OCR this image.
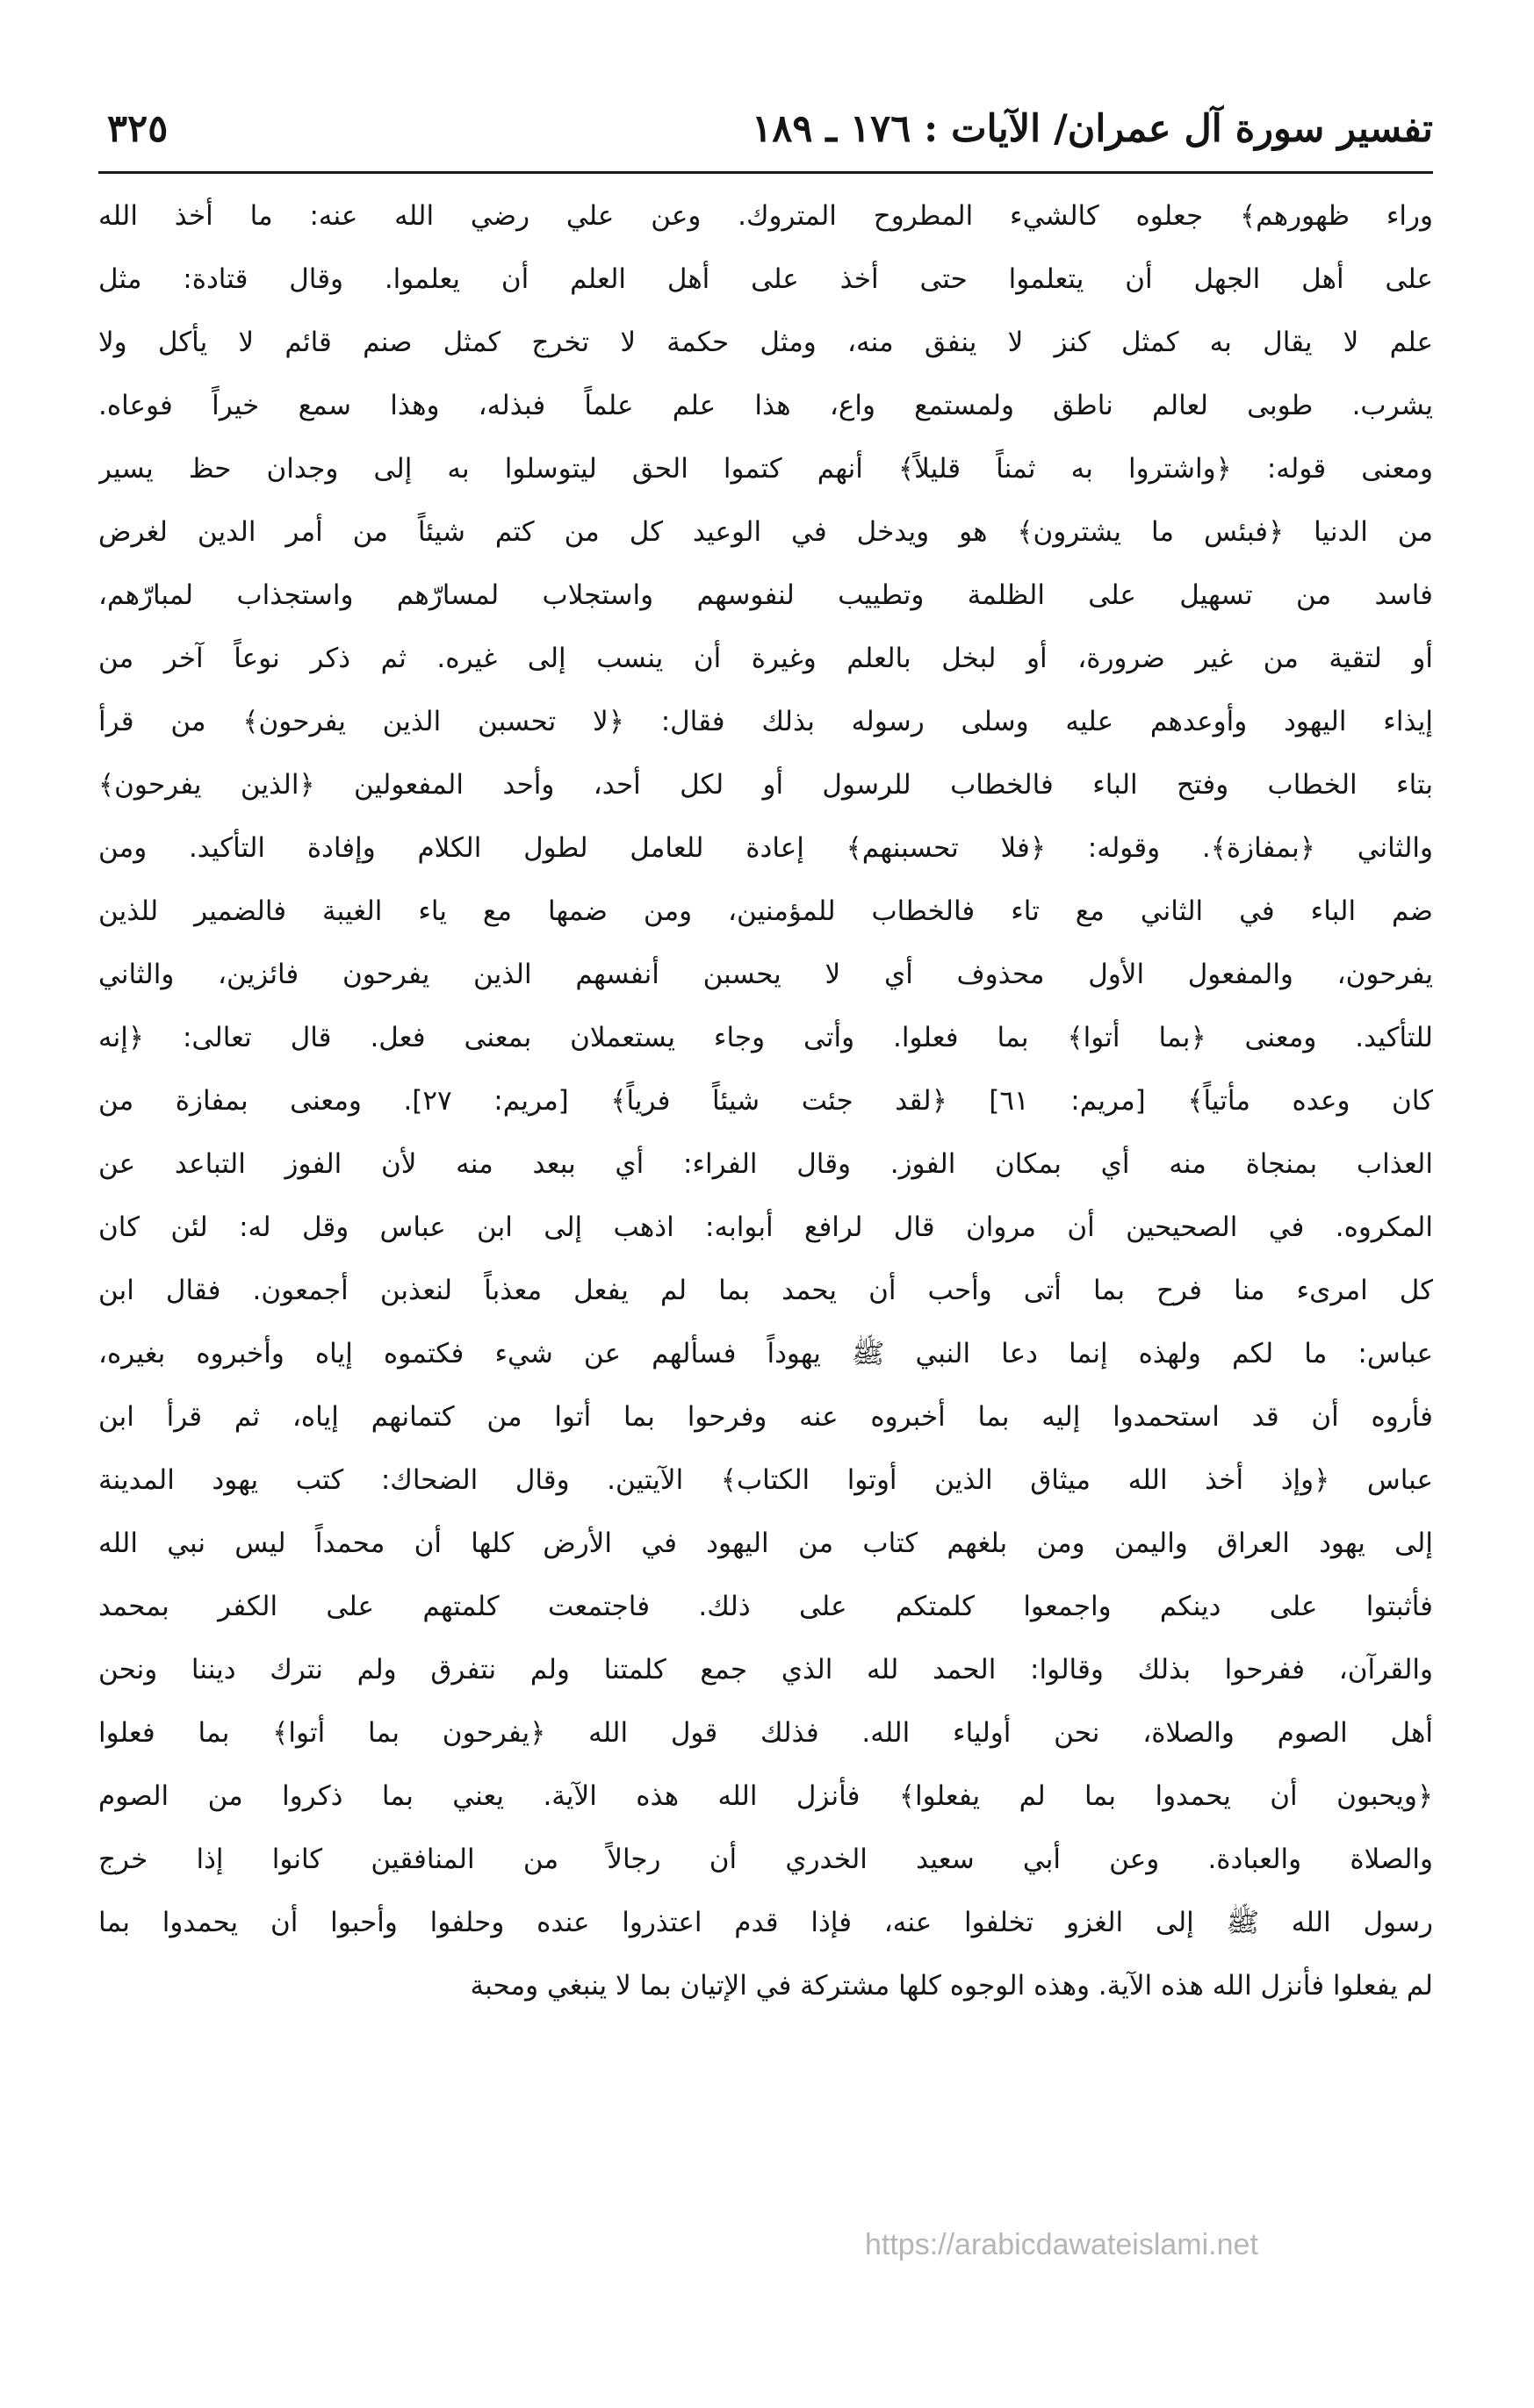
تفسير سورة آل عمران/ الآيات : ١٧٦ ـ ١٨٩
٣٢٥
وراء ظهورهم﴾ جعلوه كالشيء المطروح المتروك. وعن علي رضي الله عنه: ما أخذ الله
على أهل الجهل أن يتعلموا حتى أخذ على أهل العلم أن يعلموا. وقال قتادة: مثل
علم لا يقال به كمثل كنز لا ينفق منه، ومثل حكمة لا تخرج كمثل صنم قائم لا يأكل ولا
يشرب. طوبى لعالم ناطق ولمستمع واع، هذا علم علماً فبذله، وهذا سمع خيراً فوعاه.
ومعنى قوله: ﴿واشتروا به ثمناً قليلاً﴾ أنهم كتموا الحق ليتوسلوا به إلى وجدان حظ يسير
من الدنيا ﴿فبئس ما يشترون﴾ هو ويدخل في الوعيد كل من كتم شيئاً من أمر الدين لغرض
فاسد من تسهيل على الظلمة وتطييب لنفوسهم واستجلاب لمسارّهم واستجذاب لمبارّهم،
أو لتقية من غير ضرورة، أو لبخل بالعلم وغيرة أن ينسب إلى غيره. ثم ذكر نوعاً آخر من
إيذاء اليهود وأوعدهم عليه وسلى رسوله بذلك فقال: ﴿لا تحسبن الذين يفرحون﴾ من قرأ
بتاء الخطاب وفتح الباء فالخطاب للرسول أو لكل أحد، وأحد المفعولين ﴿الذين يفرحون﴾
والثاني ﴿بمفازة﴾. وقوله: ﴿فلا تحسبنهم﴾ إعادة للعامل لطول الكلام وإفادة التأكيد. ومن
ضم الباء في الثاني مع تاء فالخطاب للمؤمنين، ومن ضمها مع ياء الغيبة فالضمير للذين
يفرحون، والمفعول الأول محذوف أي لا يحسبن أنفسهم الذين يفرحون فائزين، والثاني
للتأكيد. ومعنى ﴿بما أتوا﴾ بما فعلوا. وأتى وجاء يستعملان بمعنى فعل. قال تعالى: ﴿إنه
كان وعده مأتياً﴾ [مريم: ٦١] ﴿لقد جئت شيئاً فرياً﴾ [مريم: ٢٧]. ومعنى بمفازة من
العذاب بمنجاة منه أي بمكان الفوز. وقال الفراء: أي ببعد منه لأن الفوز التباعد عن
المكروه. في الصحيحين أن مروان قال لرافع أبوابه: اذهب إلى ابن عباس وقل له: لئن كان
كل امرىء منا فرح بما أتى وأحب أن يحمد بما لم يفعل معذباً لنعذبن أجمعون. فقال ابن
عباس: ما لكم ولهذه إنما دعا النبي ﷺ يهوداً فسألهم عن شيء فكتموه إياه وأخبروه بغيره،
فأروه أن قد استحمدوا إليه بما أخبروه عنه وفرحوا بما أتوا من كتمانهم إياه، ثم قرأ ابن
عباس ﴿وإذ أخذ الله ميثاق الذين أوتوا الكتاب﴾ الآيتين. وقال الضحاك: كتب يهود المدينة
إلى يهود العراق واليمن ومن بلغهم كتاب من اليهود في الأرض كلها أن محمداً ليس نبي الله
فأثبتوا على دينكم واجمعوا كلمتكم على ذلك. فاجتمعت كلمتهم على الكفر بمحمد
والقرآن، ففرحوا بذلك وقالوا: الحمد لله الذي جمع كلمتنا ولم نتفرق ولم نترك ديننا ونحن
أهل الصوم والصلاة، نحن أولياء الله. فذلك قول الله ﴿يفرحون بما أتوا﴾ بما فعلوا
﴿ويحبون أن يحمدوا بما لم يفعلوا﴾ فأنزل الله هذه الآية. يعني بما ذكروا من الصوم
والصلاة والعبادة. وعن أبي سعيد الخدري أن رجالاً من المنافقين كانوا إذا خرج
رسول الله ﷺ إلى الغزو تخلفوا عنه، فإذا قدم اعتذروا عنده وحلفوا وأحبوا أن يحمدوا بما
لم يفعلوا فأنزل الله هذه الآية. وهذه الوجوه كلها مشتركة في الإتيان بما لا ينبغي ومحبة
https://arabicdawateislami.net
